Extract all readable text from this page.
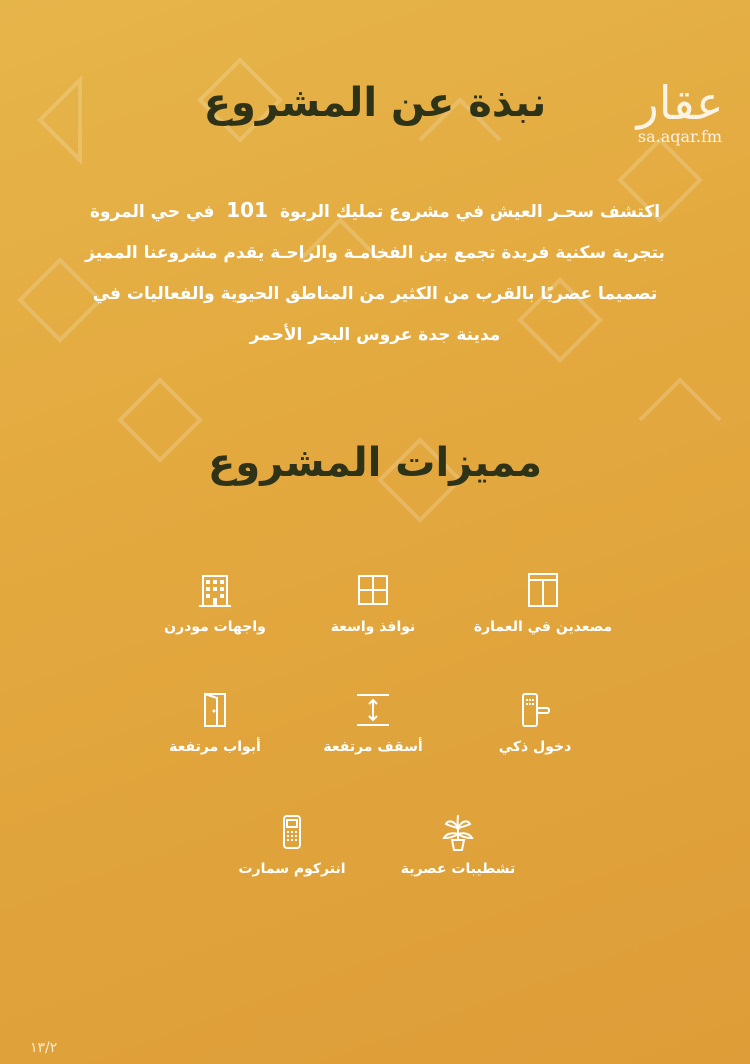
عقار
sa.aqar.fm
نبذة عن المشروع

اكتشف سحـر العيش في مشروع تمليك الربوة 101 في حي المروة بتجربة سكنية فريدة تجمع بين الفخامـة والراحـة يقدم مشروعنا المميز تصميما عصريًا بالقرب من الكثير من المناطق الحيوية والفعاليات في مدينة جدة عروس البحر الأحمر

مميزات المشروع
مصعدين في العمارة
نوافذ واسعة
واجهات مودرن
دخول ذكي
أسقف مرتفعة
أبواب مرتفعة
تشطيبات عصرية
انتركوم سمارت
١٣/٢
